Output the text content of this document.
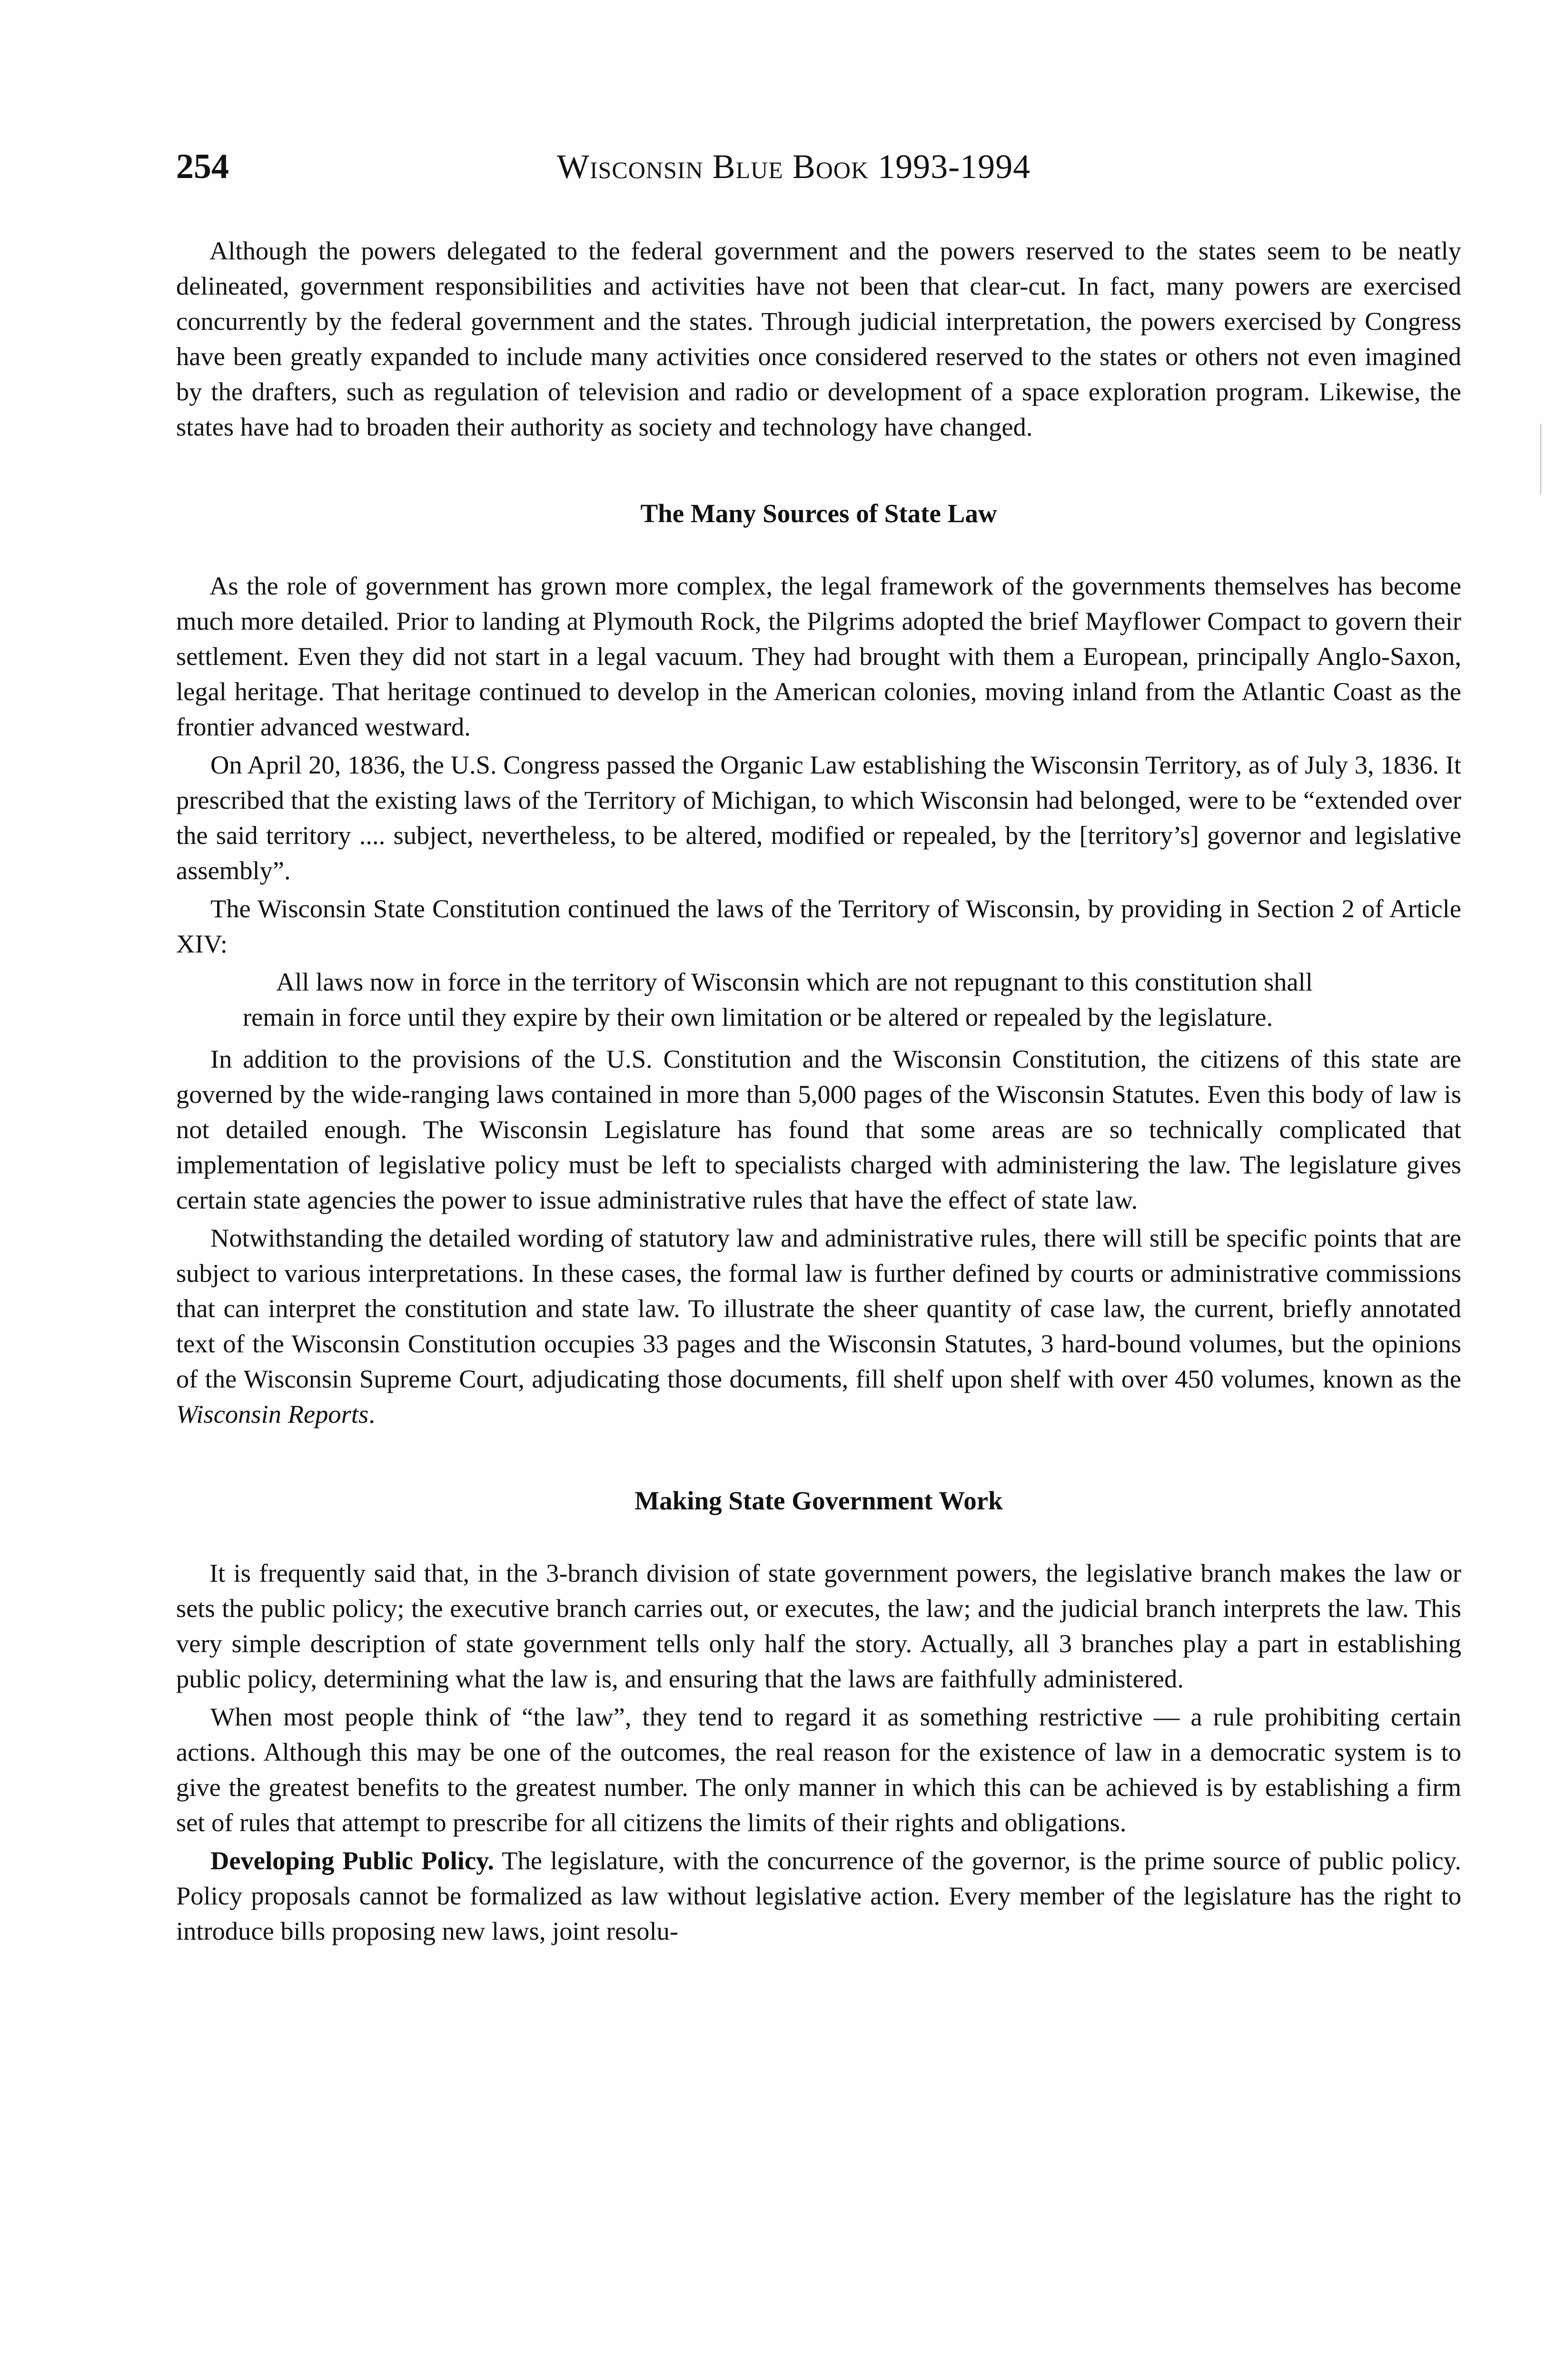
254	Wisconsin Blue Book 1993-1994

Although the powers delegated to the federal government and the powers reserved to the states seem to be neatly delineated, government responsibilities and activities have not been that clear-cut. In fact, many powers are exercised concurrently by the federal government and the states. Through judicial interpretation, the powers exercised by Congress have been greatly expanded to include many activities once considered reserved to the states or others not even imagined by the drafters, such as regulation of television and radio or development of a space exploration program. Likewise, the states have had to broaden their authority as society and technology have changed.

The Many Sources of State Law

As the role of government has grown more complex, the legal framework of the governments themselves has become much more detailed. Prior to landing at Plymouth Rock, the Pilgrims adopted the brief Mayflower Compact to govern their settlement. Even they did not start in a legal vacuum. They had brought with them a European, principally Anglo-Saxon, legal heritage. That heritage continued to develop in the American colonies, moving inland from the Atlantic Coast as the frontier advanced westward.

On April 20, 1836, the U.S. Congress passed the Organic Law establishing the Wisconsin Territory, as of July 3, 1836. It prescribed that the existing laws of the Territory of Michigan, to which Wisconsin had belonged, were to be “extended over the said territory .... subject, nevertheless, to be altered, modified or repealed, by the [territory’s] governor and legislative assembly”.

The Wisconsin State Constitution continued the laws of the Territory of Wisconsin, by providing in Section 2 of Article XIV:

All laws now in force in the territory of Wisconsin which are not repugnant to this constitution shall remain in force until they expire by their own limitation or be altered or repealed by the legislature.

In addition to the provisions of the U.S. Constitution and the Wisconsin Constitution, the citizens of this state are governed by the wide-ranging laws contained in more than 5,000 pages of the Wisconsin Statutes. Even this body of law is not detailed enough. The Wisconsin Legislature has found that some areas are so technically complicated that implementation of legislative policy must be left to specialists charged with administering the law. The legislature gives certain state agencies the power to issue administrative rules that have the effect of state law.

Notwithstanding the detailed wording of statutory law and administrative rules, there will still be specific points that are subject to various interpretations. In these cases, the formal law is further defined by courts or administrative commissions that can interpret the constitution and state law. To illustrate the sheer quantity of case law, the current, briefly annotated text of the Wisconsin Constitution occupies 33 pages and the Wisconsin Statutes, 3 hard-bound volumes, but the opinions of the Wisconsin Supreme Court, adjudicating those documents, fill shelf upon shelf with over 450 volumes, known as the Wisconsin Reports.

Making State Government Work

It is frequently said that, in the 3-branch division of state government powers, the legislative branch makes the law or sets the public policy; the executive branch carries out, or executes, the law; and the judicial branch interprets the law. This very simple description of state government tells only half the story. Actually, all 3 branches play a part in establishing public policy, determining what the law is, and ensuring that the laws are faithfully administered.

When most people think of “the law”, they tend to regard it as something restrictive — a rule prohibiting certain actions. Although this may be one of the outcomes, the real reason for the existence of law in a democratic system is to give the greatest benefits to the greatest number. The only manner in which this can be achieved is by establishing a firm set of rules that attempt to prescribe for all citizens the limits of their rights and obligations.

Developing Public Policy. The legislature, with the concurrence of the governor, is the prime source of public policy. Policy proposals cannot be formalized as law without legislative action. Every member of the legislature has the right to introduce bills proposing new laws, joint resolu-
